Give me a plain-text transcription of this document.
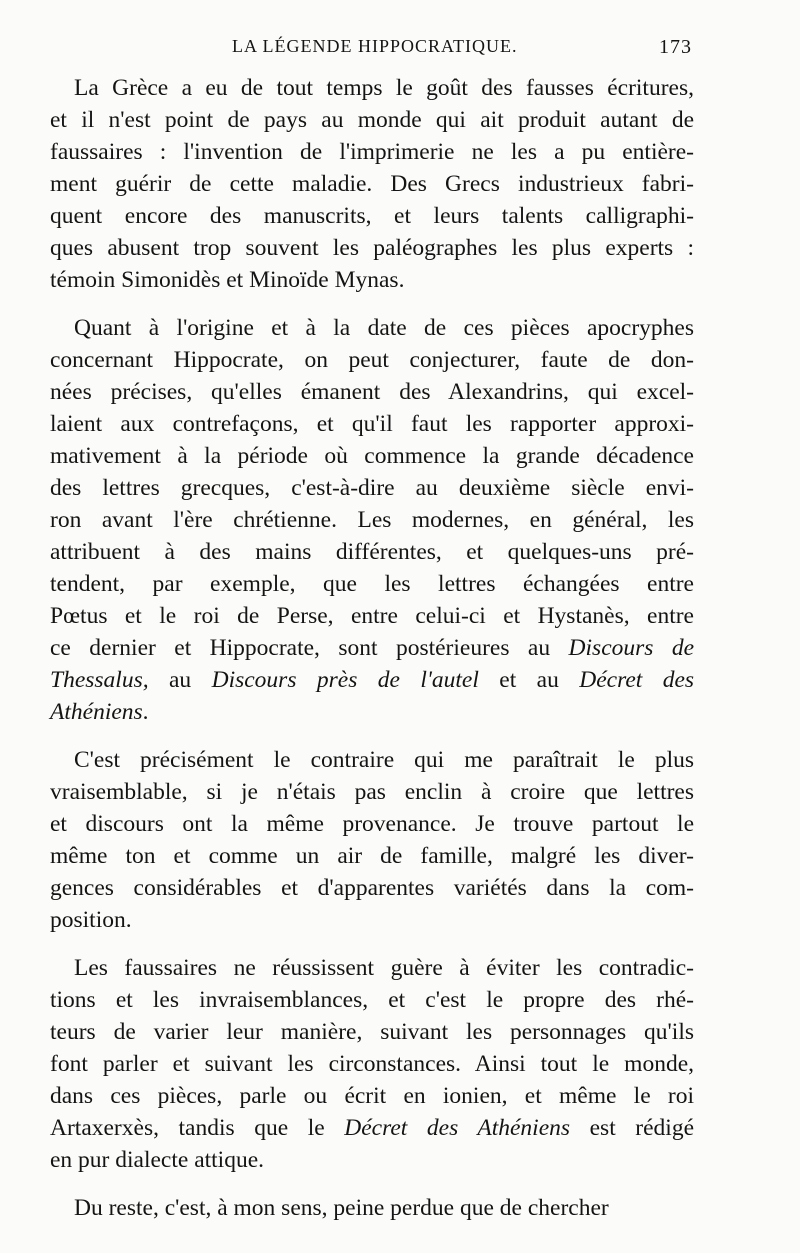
LA LÉGENDE HIPPOCRATIQUE.	173
La Grèce a eu de tout temps le goût des fausses écritures,
et il n'est point de pays au monde qui ait produit autant de
faussaires : l'invention de l'imprimerie ne les a pu entière-
ment guérir de cette maladie. Des Grecs industrieux fabri-
quent encore des manuscrits, et leurs talents calligraphi-
ques abusent trop souvent les paléographes les plus experts :
témoin Simonidès et Minoïde Mynas.
Quant à l'origine et à la date de ces pièces apocryphes
concernant Hippocrate, on peut conjecturer, faute de don-
nées précises, qu'elles émanent des Alexandrins, qui excel-
laient aux contrefaçons, et qu'il faut les rapporter approxi-
mativement à la période où commence la grande décadence
des lettres grecques, c'est-à-dire au deuxième siècle envi-
ron avant l'ère chrétienne. Les modernes, en général, les
attribuent à des mains différentes, et quelques-uns pré-
tendent, par exemple, que les lettres échangées entre
Pœtus et le roi de Perse, entre celui-ci et Hystanès, entre
ce dernier et Hippocrate, sont postérieures au Discours de
Thessalus, au Discours près de l'autel et au Décret des
Athéniens.
C'est précisément le contraire qui me paraîtrait le plus
vraisemblable, si je n'étais pas enclin à croire que lettres
et discours ont la même provenance. Je trouve partout le
même ton et comme un air de famille, malgré les diver-
gences considérables et d'apparentes variétés dans la com-
position.
Les faussaires ne réussissent guère à éviter les contradic-
tions et les invraisemblances, et c'est le propre des rhé-
teurs de varier leur manière, suivant les personnages qu'ils
font parler et suivant les circonstances. Ainsi tout le monde,
dans ces pièces, parle ou écrit en ionien, et même le roi
Artaxerxès, tandis que le Décret des Athéniens est rédigé
en pur dialecte attique.
Du reste, c'est, à mon sens, peine perdue que de chercher
